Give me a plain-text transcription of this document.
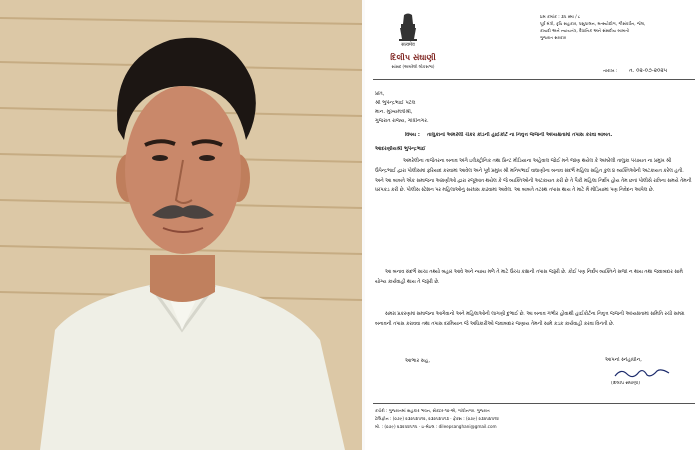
सत्यमेव
દિલીપ સંઘાણી
સાંસદ (અમરેલી લોકસભા)
પ્રમ કમાંક : ૩૫ સ્મા / ૮
પૂર્વ મંત્રી, કૃષિ સહકાર, પશુપાલન, મત્સ્યોદ્યોગ, ગૌસંવર્ધન, જેલ,
કાયદો અને ન્યાયતંત્ર, વૈધાનિક અને સંસદીય બાબતો
ગુજરાત સરકાર
તારીખ :	ત. ૦૨-૦૭-૨૦૨૫
પ્રતિ,
શ્રી ભુપેન્દ્રભાઈ પટેલ
માન. મુખ્યમંત્રીશ્રી,
ગુજરાત રાજ્ય, ગાંધીનગર.
વિષય :	તાલુકાનાં અમરેલી ચેકર કાંડની હાઈકોર્ટ ના નિવૃત્ત જજની અધ્યક્ષતામાં તપાસ કરવા બાબત.
આદરણીયશ્રી ભુપેન્દ્રભાઈ
અમરેલીના તાજેતરના બનાવ અંગે ઇલેક્ટ્રોનિક તથા પ્રિન્ટ મીડિયાના અહેવાલ જોઈ મને જાણ થયેલ કે અમરેલી તાલુકા પંચાયત ના પ્રમુખ શ્રી ઉપેન્દ્રભાઈ દ્વારા પોલીસમાં ફરિયાદ કરવામાં આવેલ અને પૂર્વ પ્રમુખ શ્રી મનિષભાઈ વાઘાણીના બનાવ સંદર્ભે મહિલા સહિત કુલ ૪ વ્યક્તિઓની અટકાયત કરેલ હતી. અને આ બાબતે એક સમાજના અગ્રણીઓ દ્વારા રજૂઆત થયેલ કે જે વ્યક્તિઓની અટકાયત કરી છે તે પૈકી મહિલા નિર્દોષ હોય તેમ છતાં પોલીસે રાત્રિના સમયે તેમની ધરપકડ કરી છે. પોલીસ સ્ટેશન પર મહિલાઓનું સરઘસ કાઢવામાં આવેલ. આ બાબતે તટસ્થ તપાસ થાય તે માટે મેં મીડિયામાં પણ નિવેદન આપેલ છે.
આ બનાવ સંદર્ભે સાચા તથ્યો બહાર આવે અને ન્યાય મળે તે માટે ઉચ્ચ કક્ષાની તપાસ જરૂરી છે. કોઈ પણ નિર્દોષ વ્યક્તિને સજા ન થાય તથા જવાબદાર સામે યોગ્ય કાર્યવાહી થાય તે જરૂરી છે.
સમગ્ર પ્રકરણમાં સમાજના આગેવાનો અને મહિલાઓની લાગણી દુભાઈ છે. આ બનાવ ગંભીર હોવાથી હાઈકોર્ટના નિવૃત્ત જજની અધ્યક્ષતામાં સમિતિ રચી સમગ્ર બનાવની તપાસ કરાવવા તથા તપાસ દરમિયાન જે અધિકારીઓ જવાબદાર જણાય તેમની સામે કડક કાર્યવાહી કરવા વિનંતી છે.
આભાર સહ,	આપનો સ્નેહાધીન,
(દિલીપ સંઘાણી)
કચેરી : ગુજરાતમાં સહકાર ભવન, સેક્ટર-૧૦-એ, ગાંધીનગર. ગુજરાત
ટેલિફોન : (૦૭૯) ૨૩૨૫૪૫૧૨, ૨૩૨૫૪૫૧૩ · ફેક્સ : (૦૭૯) ૨૩૨૫૪૫૧૪
મો. : (૦૭૯) ૨૩૨૫૪૫૧૫ · ઇ-મેઇલ : dileepsanghani@gmail.com
